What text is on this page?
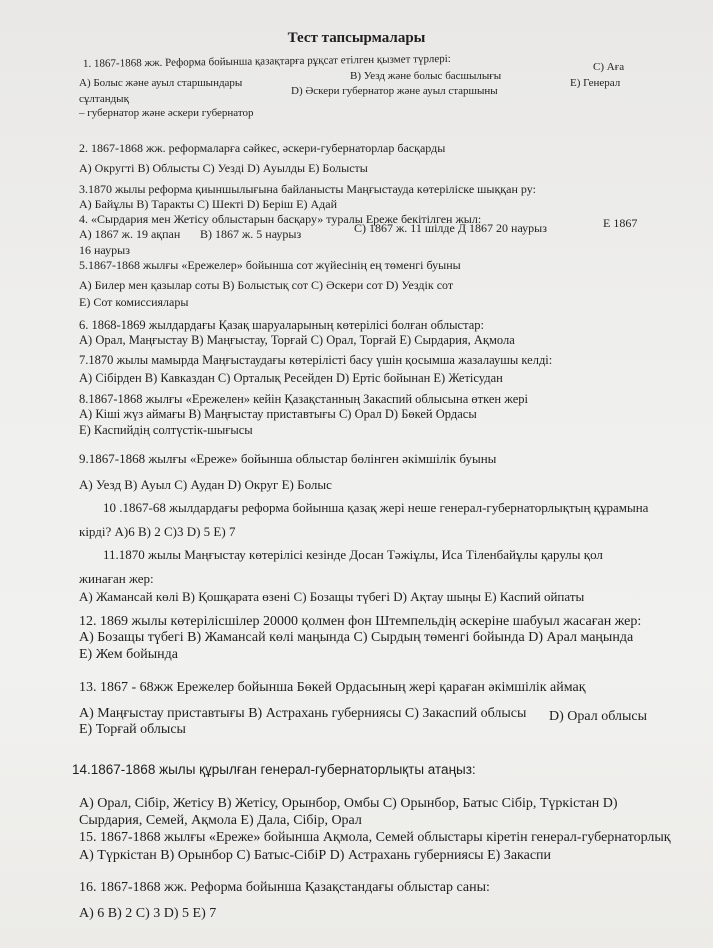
Тест тапсырмалары
1. 1867-1868 жж. Реформа бойынша қазақтарға рұқсат етілген қызмет түрлері:
А) Болыс және ауыл старшындары
В) Уезд және болыс басшылығы
С) Аға
сұлтандық
D) Әскери губернатор және ауыл старшыны
Е) Генерал
– губернатор және әскери губернатор
2. 1867-1868 жж. реформаларға сәйкес, әскери-губернаторлар басқарды
А) Округті В) Облысты С) Уезді D) Ауылды Е) Болысты
3.1870 жылы реформа қиыншылығына байланысты Маңғыстауда көтеріліске шыққан ру:
А) Байұлы В) Таракты С) Шекті D) Беріш Е) Адай
4. «Сырдария мен Жетісу облыстарын басқару» туралы Ереже бекітілген жыл:
А) 1867 ж. 19 ақпан В) 1867 ж. 5 наурыз	С) 1867 ж. 11 шілде Д 1867 20 наурыз	Е 1867
16 наурыз
5.1867-1868 жылғы «Ережелер» бойынша сот жүйесінің ең төменгі буыны
А) Билер мен қазылар соты В) Болыстық сот С) Әскери сот D) Уездік сот
Е) Сот комиссиялары
6. 1868-1869 жылдардағы Қазақ шаруаларының көтерілісі болған облыстар:
А) Орал, Маңғыстау В) Маңғыстау, Торғай С) Орал, Торғай Е) Сырдария, Ақмола
7.1870 жылы мамырда Маңғыстаудағы көтерілісті басу үшін қосымша жазалаушы келді:
А) Сібірден В) Кавказдан С) Орталық Ресейден D) Ертіс бойынан Е) Жетісудан
8.1867-1868 жылғы «Ережелен» кейін Қазақстанның Закаспий облысына өткен жері
А) Кіші жүз аймағы В) Маңғыстау приставтығы С) Орал D) Бөкей Ордасы
Е) Каспийдің солтүстік-шығысы
9.1867-1868 жылғы «Ереже» бойынша облыстар бөлінген әкімшілік буыны
А) Уезд В) Ауыл С) Аудан D) Округ Е) Болыс
10 .1867-68 жылдардағы реформа бойынша қазақ жері неше генерал-губернаторлықтың құрамына
кірді? А)6 В) 2 С)3 D) 5 Е) 7
11.1870 жылы Маңғыстау көтерілісі кезінде Досан Тәжіұлы, Иса Тіленбайұлы қарулы қол
жинаған жер:
А) Жамансай көлі В) Қошқарата өзені С) Бозащы түбегі D) Ақтау шыңы Е) Каспий ойпаты
12. 1869 жылы көтерілісшілер 20000 қолмен фон Штемпельдің әскеріне шабуыл жасаған жер:
А) Бозащы түбегі В) Жамансай көлі маңында С) Сырдың төменгі бойында D) Арал маңында
Е) Жем бойында
13. 1867 - 68жж Ережелер бойынша Бөкей Ордасының жері қараған әкімшілік аймақ
А) Маңғыстау приставтығы В) Астрахань губерниясы С) Закаспий облысы D) Орал облысы
Е) Торғай облысы
14.1867-1868 жылы құрылған генерал-губернаторлықты атаңыз:
А) Орал, Сібір, Жетісу В) Жетісу, Орынбор, Омбы С) Орынбор, Батыс Сібір, Түркістан D)
Сырдария, Семей, Ақмола Е) Дала, Сібір, Орал
15. 1867-1868 жылғы «Ереже» бойынша Ақмола, Семей облыстары кіретін генерал-губернаторлық
А) Түркістан В) Орынбор С) Батыс-СібіР D) Астрахань губерниясы Е) Закаспи
16. 1867-1868 жж. Реформа бойынша Қазақстандағы облыстар саны:
А) 6 В) 2 С) 3 D) 5 Е) 7
